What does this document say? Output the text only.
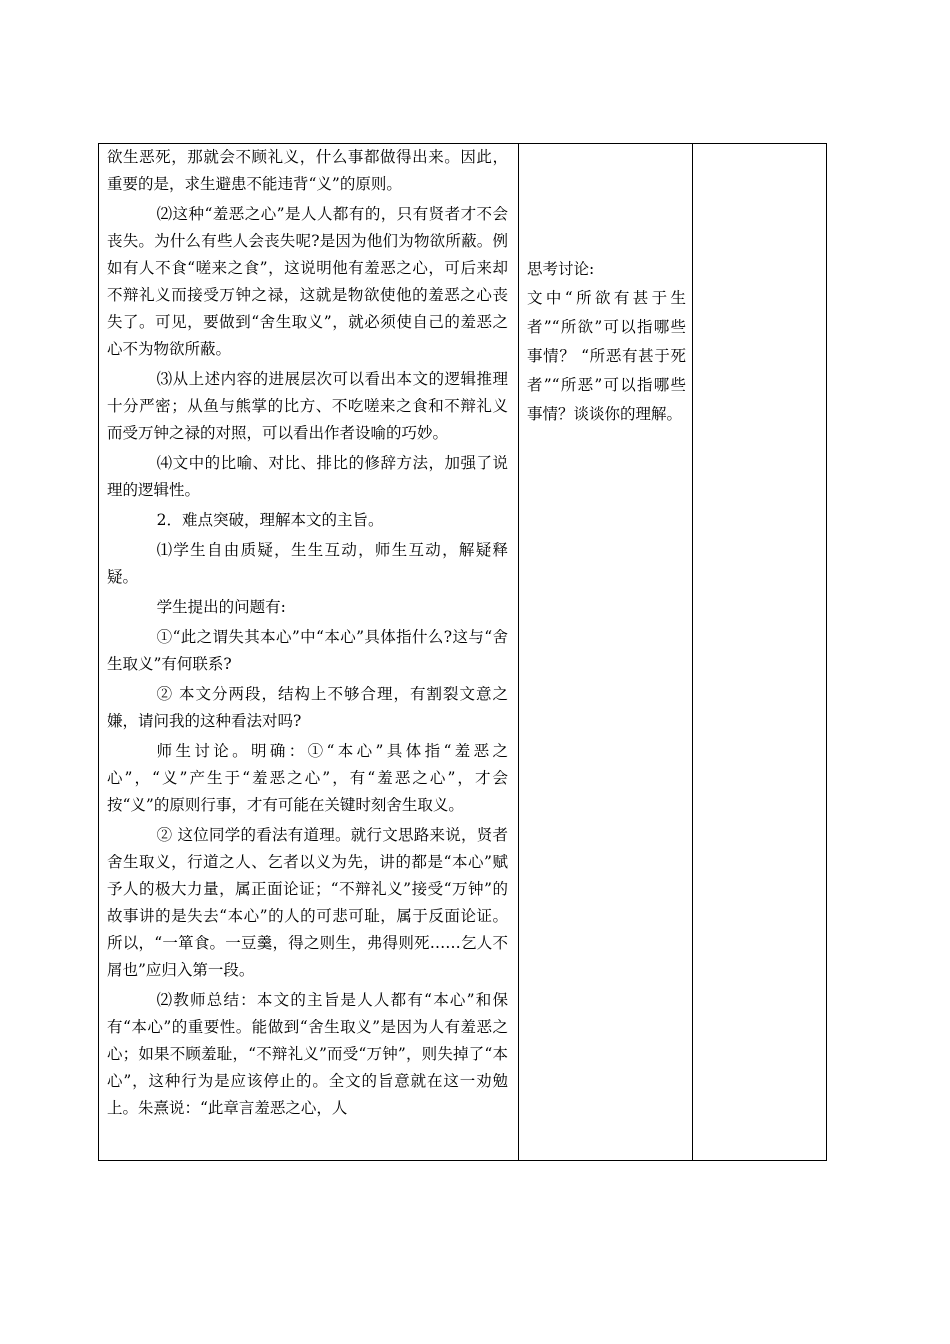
欲生恶死，那就会不顾礼义，什么事都做得出来。因此，重要的是，求生避患不能违背“义”的原则。

⑵这种“羞恶之心”是人人都有的，只有贤者才不会丧失。为什么有些人会丧失呢?是因为他们为物欲所蔽。例如有人不食“嗟来之食”，这说明他有羞恶之心，可后来却不辩礼义而接受万钟之禄，这就是物欲使他的羞恶之心丧失了。可见，要做到“舍生取义”，就必须使自己的羞恶之心不为物欲所蔽。

⑶从上述内容的进展层次可以看出本文的逻辑推理十分严密；从鱼与熊掌的比方、不吃嗟来之食和不辩礼义而受万钟之禄的对照，可以看出作者设喻的巧妙。

⑷文中的比喻、对比、排比的修辞方法，加强了说理的逻辑性。

2．难点突破，理解本文的主旨。

⑴学生自由质疑，生生互动，师生互动，解疑释疑。

学生提出的问题有:

①“此之谓失其本心”中“本心”具体指什么?这与“舍生取义”有何联系?

② 本文分两段，结构上不够合理，有割裂文意之嫌，请问我的这种看法对吗?

师生讨论。明确：①“本心”具体指“羞恶之心”，“义”产生于“羞恶之心”，有“羞恶之心”，才会按“义”的原则行事，才有可能在关键时刻舍生取义。

② 这位同学的看法有道理。就行文思路来说，贤者舍生取义，行道之人、乞者以义为先，讲的都是“本心”赋予人的极大力量，属正面论证；“不辩礼义”接受“万钟”的故事讲的是失去“本心”的人的可悲可耻，属于反面论证。所以，“一箪食。一豆羹，得之则生，弗得则死……乞人不屑也”应归入第一段。

⑵教师总结：本文的主旨是人人都有“本心”和保有“本心”的重要性。能做到“舍生取义”是因为人有羞恶之心；如果不顾羞耻，“不辩礼义”而受“万钟”，则失掉了“本心”，这种行为是应该停止的。全文的旨意就在这一劝勉上。朱熹说：“此章言羞恶之心，人

思考讨论:

文中“所欲有甚于生者”“所欲”可以指哪些事情？ “所恶有甚于死者”“所恶”可以指哪些事情？谈谈你的理解。
